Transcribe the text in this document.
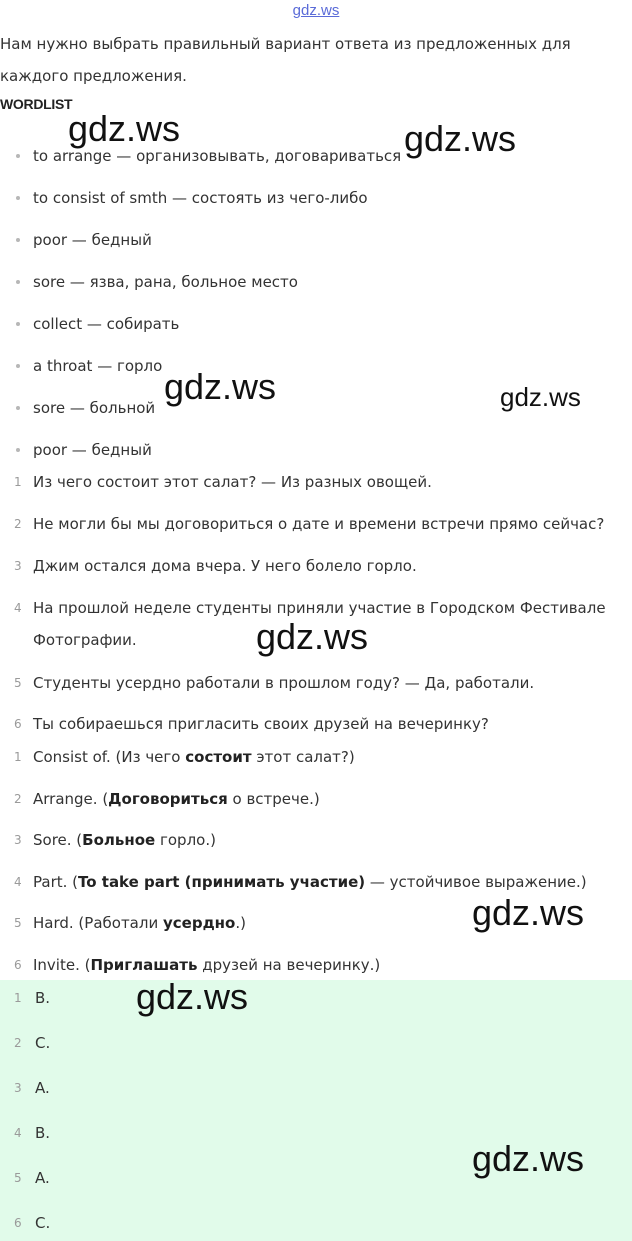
gdz.ws
Нам нужно выбрать правильный вариант ответа из предложенных для каждого предложения.
WORDLIST
to arrange — организовывать, договариваться
to consist of smth — состоять из чего-либо
poor — бедный
sore — язва, рана, больное место
collect — собирать
a throat — горло
sore — больной
poor — бедный
1 Из чего состоит этот салат? — Из разных овощей.
2 Не могли бы мы договориться о дате и времени встречи прямо сейчас?
3 Джим остался дома вчера. У него болело горло.
4 На прошлой неделе студенты приняли участие в Городском Фестивале Фотографии.
5 Студенты усердно работали в прошлом году? — Да, работали.
6 Ты собираешься пригласить своих друзей на вечеринку?
1 Consist of. (Из чего состоит этот салат?)
2 Arrange. (Договориться о встрече.)
3 Sore. (Больное горло.)
4 Part. (To take part (принимать участие) — устойчивое выражение.)
5 Hard. (Работали усердно.)
6 Invite. (Приглашать друзей на вечеринку.)
1 B.
2 C.
3 A.
4 B.
5 A.
6 C.
gdz.ws	gdz.ws
gdz.ws	gdz.ws
gdz.ws
gdz.ws
gdz.ws
gdz.ws
